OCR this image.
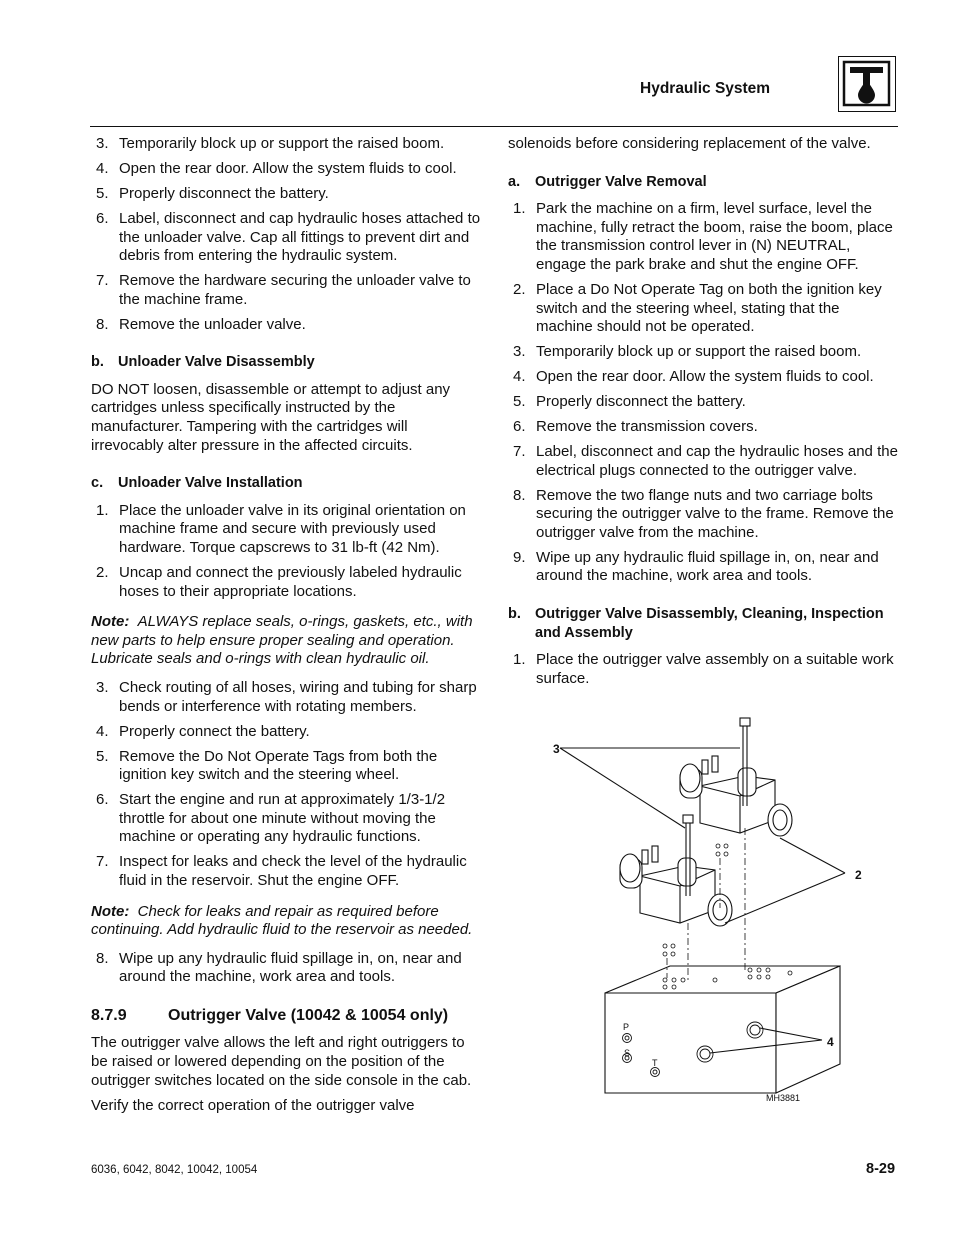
Hydraulic System
3. Temporarily block up or support the raised boom.
4. Open the rear door. Allow the system fluids to cool.
5. Properly disconnect the battery.
6. Label, disconnect and cap hydraulic hoses attached to the unloader valve. Cap all fittings to prevent dirt and debris from entering the hydraulic system.
7. Remove the hardware securing the unloader valve to the machine frame.
8. Remove the unloader valve.
b. Unloader Valve Disassembly

DO NOT loosen, disassemble or attempt to adjust any cartridges unless specifically instructed by the manufacturer. Tampering with the cartridges will irrevocably alter pressure in the affected circuits.

c. Unloader Valve Installation
1. Place the unloader valve in its original orientation on machine frame and secure with previously used hardware. Torque capscrews to 31 lb-ft (42 Nm).
2. Uncap and connect the previously labeled hydraulic hoses to their appropriate locations.

Note: ALWAYS replace seals, o-rings, gaskets, etc., with new parts to help ensure proper sealing and operation. Lubricate seals and o-rings with clean hydraulic oil.

3. Check routing of all hoses, wiring and tubing for sharp bends or interference with rotating members.
4. Properly connect the battery.
5. Remove the Do Not Operate Tags from both the ignition key switch and the steering wheel.
6. Start the engine and run at approximately 1/3-1/2 throttle for about one minute without moving the machine or operating any hydraulic functions.
7. Inspect for leaks and check the level of the hydraulic fluid in the reservoir. Shut the engine OFF.

Note: Check for leaks and repair as required before continuing. Add hydraulic fluid to the reservoir as needed.

8. Wipe up any hydraulic fluid spillage in, on, near and around the machine, work area and tools.
8.7.9	Outrigger Valve (10042 & 10054 only)

The outrigger valve allows the left and right outriggers to be raised or lowered depending on the position of the outrigger switches located on the side console in the cab.

Verify the correct operation of the outrigger valve

solenoids before considering replacement of the valve.

a. Outrigger Valve Removal
1. Park the machine on a firm, level surface, level the machine, fully retract the boom, raise the boom, place the transmission control lever in (N) NEUTRAL, engage the park brake and shut the engine OFF.
2. Place a Do Not Operate Tag on both the ignition key switch and the steering wheel, stating that the machine should not be operated.
3. Temporarily block up or support the raised boom.
4. Open the rear door. Allow the system fluids to cool.
5. Properly disconnect the battery.
6. Remove the transmission covers.
7. Label, disconnect and cap the hydraulic hoses and the electrical plugs connected to the outrigger valve.
8. Remove the two flange nuts and two carriage bolts securing the outrigger valve to the frame. Remove the outrigger valve from the machine.
9. Wipe up any hydraulic fluid spillage in, on, near and around the machine, work area and tools.
b. Outrigger Valve Disassembly, Cleaning, Inspection and Assembly
1. Place the outrigger valve assembly on a suitable work surface.
3
2
4
P
S
T
MH3881
6036, 6042, 8042, 10042, 10054	8-29
